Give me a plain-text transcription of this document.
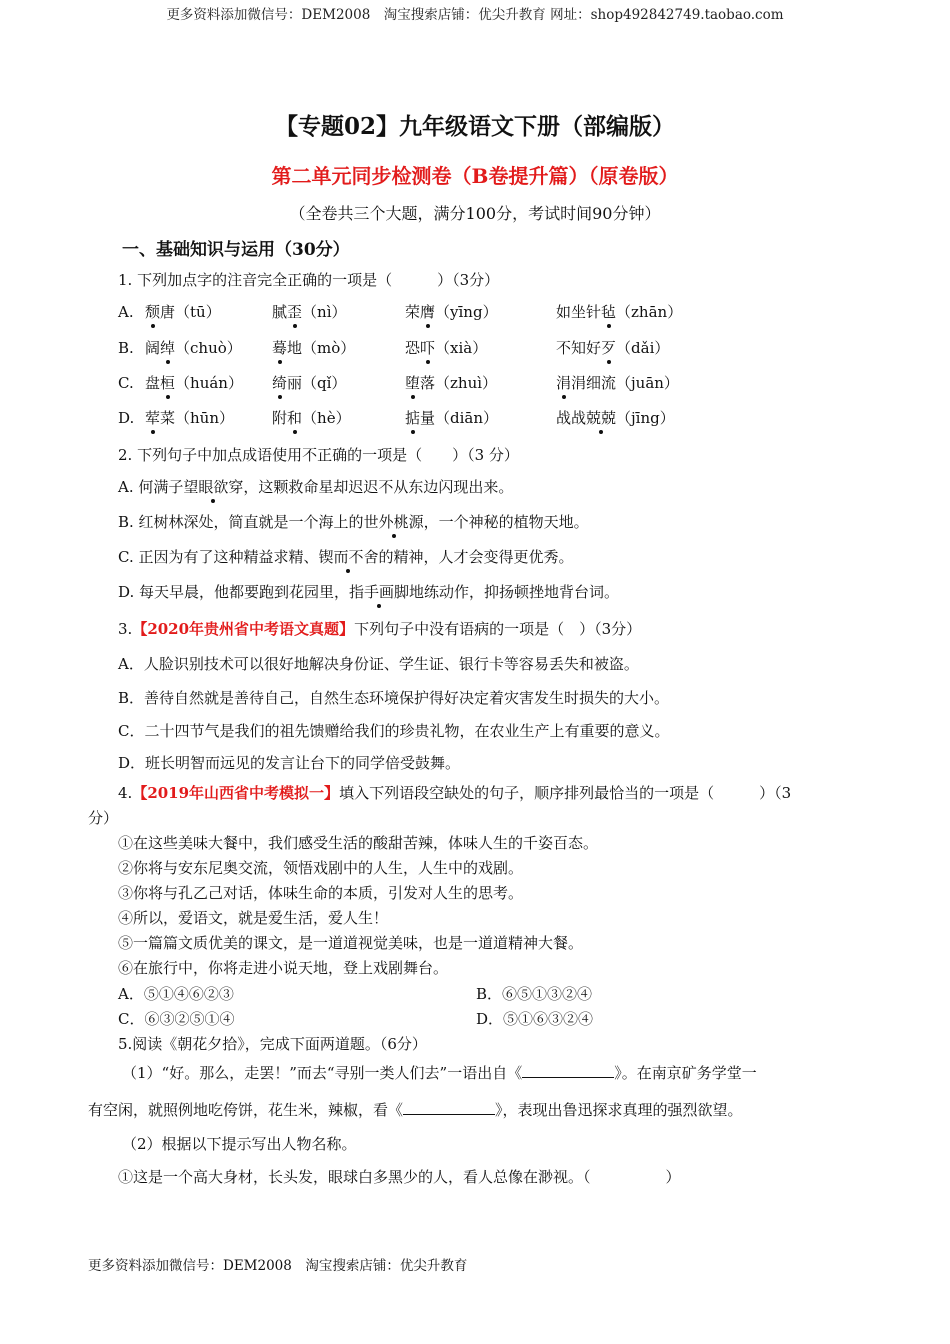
更多资料添加微信号：DEM2008　淘宝搜索店铺：优尖升教育 网址：shop492842749.taobao.com
【专题02】九年级语文下册（部编版）
第二单元同步检测卷（B卷提升篇）（原卷版）
（全卷共三个大题，满分100分，考试时间90分钟）
一、基础知识与运用（30分）
1. 下列加点字的注音完全正确的一项是（　　　）（3分）
A. 颓唐（tū）	腻歪（nì）	荣膺（yīng）	如坐针毡（zhān）
B. 阔绰（chuò） 蓦地（mò）	恐吓（xià）	不知好歹（dǎi）
C. 盘桓（huán） 绮丽（qǐ）	堕落（zhuì）	涓涓细流（juān）
D. 荤菜（hūn）	附和（hè）	掂量（diān）	战战兢兢（jīng）
2. 下列句子中加点成语使用不正确的一项是（　　）（3 分）
A. 何满子望眼欲穿，这颗救命星却迟迟不从东边闪现出来。
B. 红树林深处，简直就是一个海上的世外桃源，一个神秘的植物天地。
C. 正因为有了这种精益求精、锲而不舍的精神，人才会变得更优秀。
D. 每天早晨，他都要跑到花园里，指手画脚地练动作，抑扬顿挫地背台词。
3.【2020年贵州省中考语文真题】下列句子中没有语病的一项是（　）（3分）
A．人脸识别技术可以很好地解决身份证、学生证、银行卡等容易丢失和被盗。
B．善待自然就是善待自己，自然生态环境保护得好决定着灾害发生时损失的大小。
C．二十四节气是我们的祖先馈赠给我们的珍贵礼物，在农业生产上有重要的意义。
D．班长明智而远见的发言让台下的同学倍受鼓舞。
4.【2019年山西省中考模拟一】填入下列语段空缺处的句子，顺序排列最恰当的一项是（　　　）（3
分）
①在这些美味大餐中，我们感受生活的酸甜苦辣，体味人生的千姿百态。
②你将与安东尼奥交流，领悟戏剧中的人生，人生中的戏剧。
③你将与孔乙己对话，体味生命的本质，引发对人生的思考。
④所以，爱语文，就是爱生活，爱人生！
⑤一篇篇文质优美的课文，是一道道视觉美味，也是一道道精神大餐。
⑥在旅行中，你将走进小说天地，登上戏剧舞台。
A．⑤①④⑥②③	B．⑥⑤①③②④
C．⑥③②⑤①④	D．⑤①⑥③②④
5.阅读《朝花夕拾》，完成下面两道题。（6分）
（1）“好。那么，走罢！”而去“寻别一类人们去”一语出自《	》。在南京矿务学堂一
有空闲，就照例地吃侉饼，花生米，辣椒，看《	》，表现出鲁迅探求真理的强烈欲望。
（2）根据以下提示写出人物名称。
①这是一个高大身材，长头发，眼球白多黑少的人，看人总像在渺视。（　　　　　）
更多资料添加微信号：DEM2008　淘宝搜索店铺：优尖升教育
